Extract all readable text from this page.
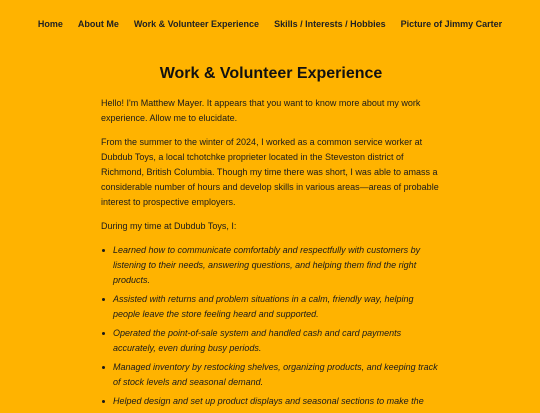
Home About Me Work & Volunteer Experience Skills / Interests / Hobbies Picture of Jimmy Carter
Work & Volunteer Experience

Hello! I'm Matthew Mayer. It appears that you want to know more about my work experience. Allow me to elucidate.

From the summer to the winter of 2024, I worked as a common service worker at Dubdub Toys, a local tchotchke proprieter located in the Steveston district of Richmond, British Columbia. Though my time there was short, I was able to amass a considerable number of hours and develop skills in various areas—areas of probable interest to prospective employers.

During my time at Dubdub Toys, I:

Learned how to communicate comfortably and respectfully with customers by listening to their needs, answering questions, and helping them find the right products.
Assisted with returns and problem situations in a calm, friendly way, helping people leave the store feeling heard and supported.
Operated the point-of-sale system and handled cash and card payments accurately, even during busy periods.
Managed inventory by restocking shelves, organizing products, and keeping track of stock levels and seasonal demand.
Helped design and set up product displays and seasonal sections to make the
